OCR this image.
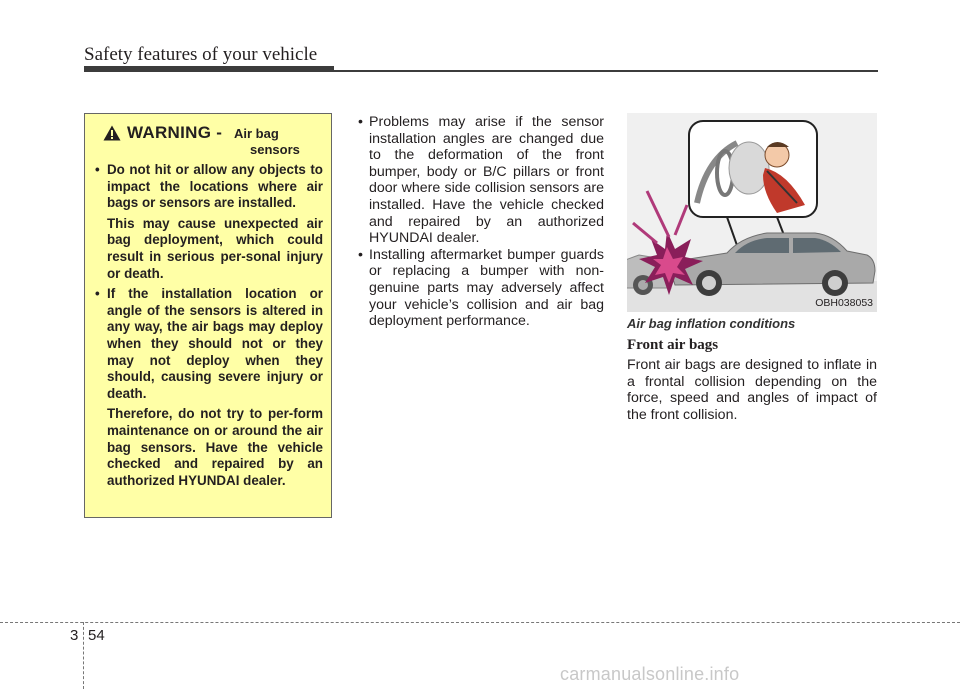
Safety features of your vehicle
WARNING - Air bag
sensors
• Do not hit or allow any objects to impact the locations where air bags or sensors are installed.

This may cause unexpected air bag deployment, which could result in serious per-sonal injury or death.

• If the installation location or angle of the sensors is altered in any way, the air bags may deploy when they should not or they may not deploy when they should, causing severe injury or death.

Therefore, do not try to per-form maintenance on or around the air bag sensors. Have the vehicle checked and repaired by an authorized HYUNDAI dealer.

• Problems may arise if the sensor installation angles are changed due to the deformation of the front bumper, body or B/C pillars or front door where side collision sensors are installed. Have the vehicle checked and repaired by an authorized HYUNDAI dealer.
• Installing aftermarket bumper guards or replacing a bumper with non-genuine parts may adversely affect your vehicle’s collision and air bag deployment performance.
OBH038053

Air bag inflation conditions

Front air bags

Front air bags are designed to inflate in a frontal collision depending on the force, speed and angles of impact of the front collision.

3 54
carmanualsonline.info
